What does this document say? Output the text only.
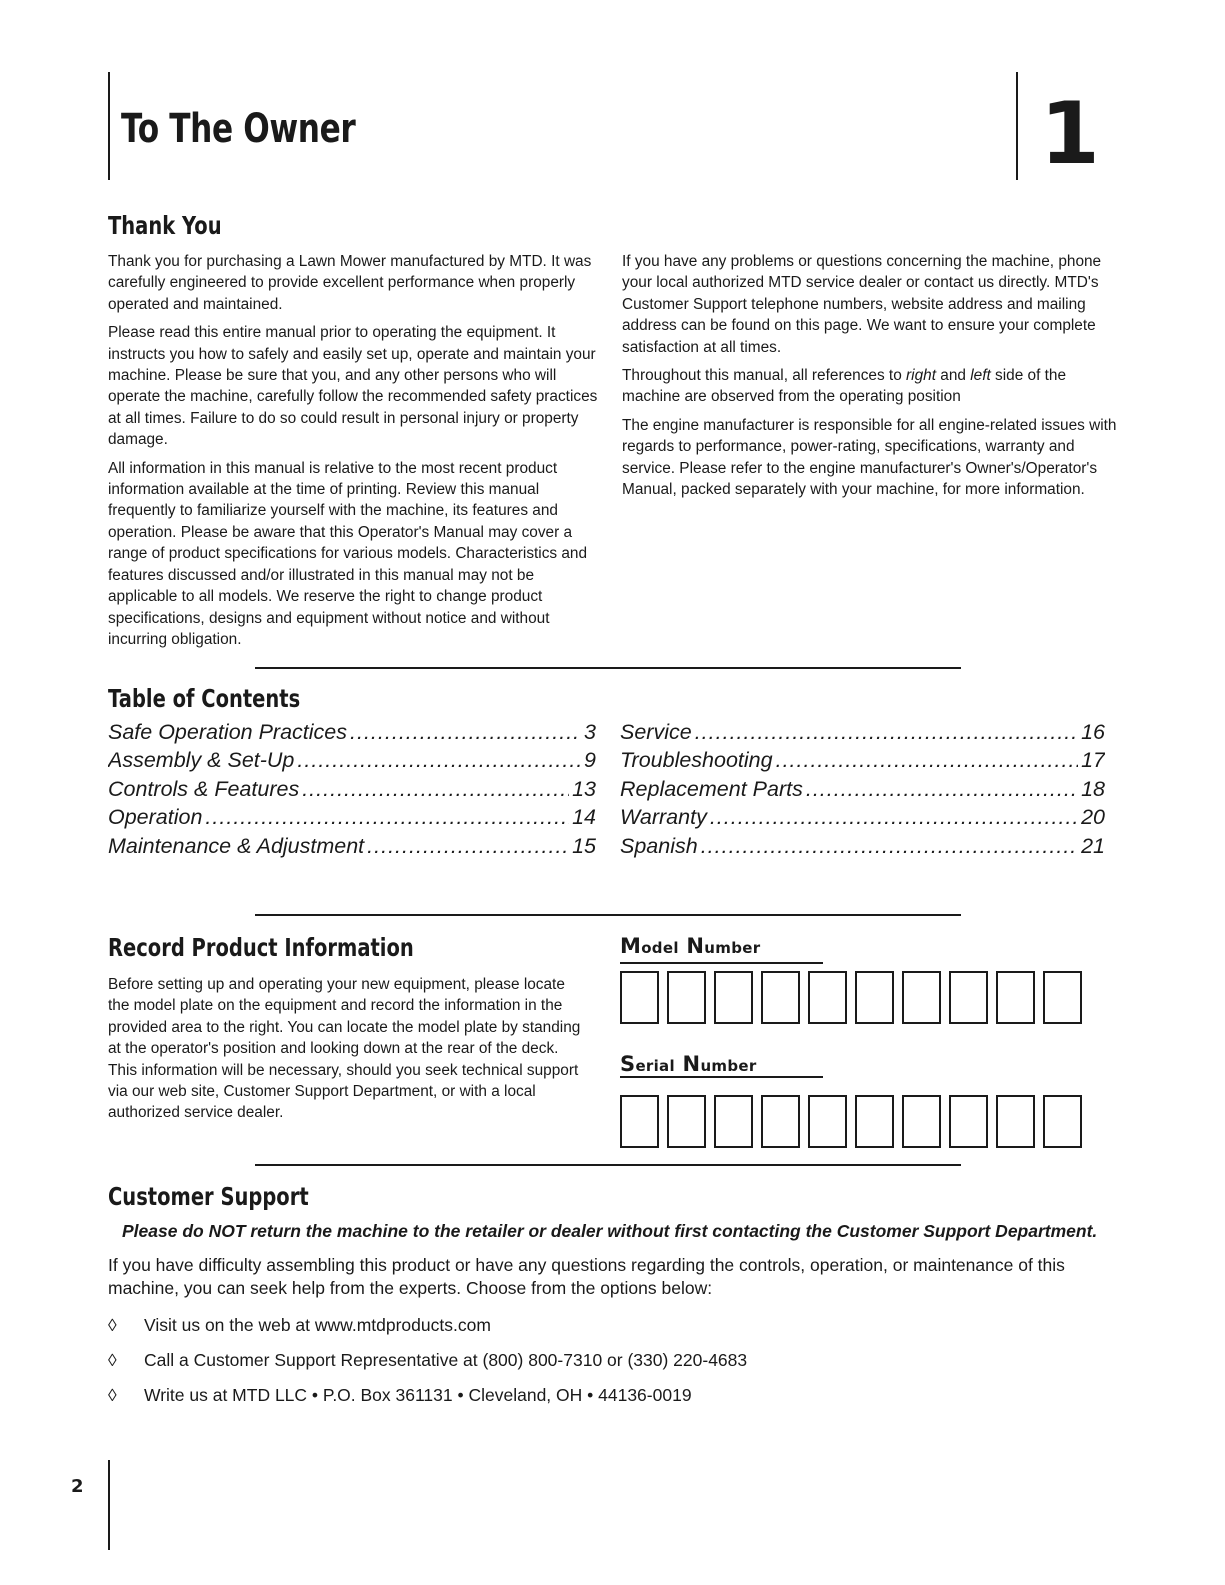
To The Owner	1
Thank You

Thank you for purchasing a Lawn Mower manufactured by MTD. It was carefully engineered to provide excellent performance when properly operated and maintained.

Please read this entire manual prior to operating the equipment. It instructs you how to safely and easily set up, operate and maintain your machine. Please be sure that you, and any other persons who will operate the machine, carefully follow the recommended safety practices at all times. Failure to do so could result in personal injury or property damage.

All information in this manual is relative to the most recent product information available at the time of printing. Review this manual frequently to familiarize yourself with the machine, its features and operation. Please be aware that this Operator's Manual may cover a range of product specifications for various models. Characteristics and features discussed and/or illustrated in this manual may not be applicable to all models. We reserve the right to change product specifications, designs and equipment without notice and without incurring obligation.

If you have any problems or questions concerning the machine, phone your local authorized MTD service dealer or contact us directly. MTD's Customer Support telephone numbers, website address and mailing address can be found on this page. We want to ensure your complete satisfaction at all times.

Throughout this manual, all references to right and left side of the machine are observed from the operating position

The engine manufacturer is responsible for all engine-related issues with regards to performance, power-rating, specifications, warranty and service. Please refer to the engine manufacturer's Owner's/Operator's Manual, packed separately with your machine, for more information.

Table of Contents
Safe Operation Practices .....	3
Assembly & Set-Up .....	9
Controls & Features .....	13
Operation .....	14
Maintenance & Adjustment .....	15
Service .....	16
Troubleshooting .....	17
Replacement Parts .....	18
Warranty .....	20
Spanish .....	21
Record Product Information
Before setting up and operating your new equipment, please locate the model plate on the equipment and record the information in the provided area to the right. You can locate the model plate by standing at the operator's position and looking down at the rear of the deck. This information will be necessary, should you seek technical support via our web site, Customer Support Department, or with a local authorized service dealer.
Model Number
Serial Number
Customer Support
Please do NOT return the machine to the retailer or dealer without first contacting the Customer Support Department.
If you have difficulty assembling this product or have any questions regarding the controls, operation, or maintenance of this machine, you can seek help from the experts. Choose from the options below:
◊ Visit us on the web at www.mtdproducts.com
◊ Call a Customer Support Representative at (800) 800-7310 or (330) 220-4683
◊ Write us at MTD LLC • P.O. Box 361131 • Cleveland, OH • 44136-0019
2
